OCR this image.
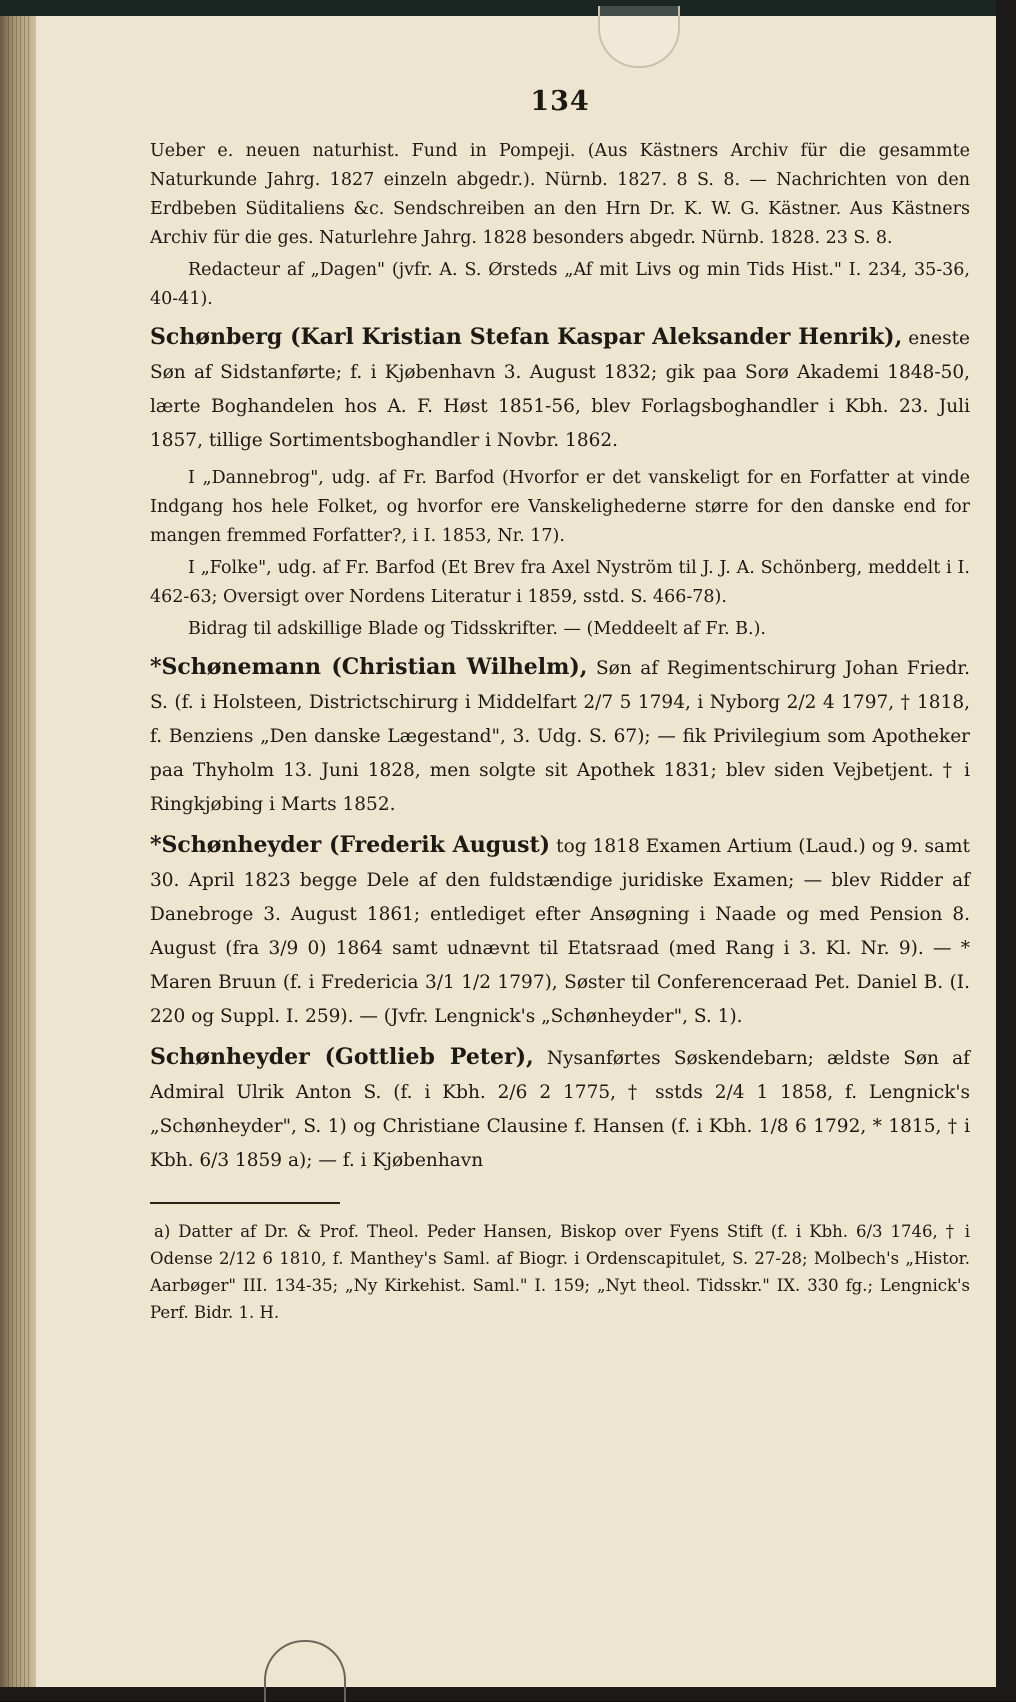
134

Ueber e. neuen naturhist. Fund in Pompeji. (Aus Kästners Archiv für die gesammte Naturkunde Jahrg. 1827 einzeln abgedr.). Nürnb. 1827. 8 S. 8. — Nachrichten von den Erdbeben Süditaliens &c. Sendschreiben an den Hrn Dr. K. W. G. Kästner. Aus Kästners Archiv für die ges. Naturlehre Jahrg. 1828 besonders abgedr. Nürnb. 1828. 23 S. 8.

Redacteur af „Dagen" (jvfr. A. S. Ørsteds „Af mit Livs og min Tids Hist." I. 234, 35-36, 40-41).

Schønberg (Karl Kristian Stefan Kaspar Aleksander Henrik), eneste Søn af Sidstanførte; f. i Kjøbenhavn 3. August 1832; gik paa Sorø Akademi 1848-50, lærte Boghandelen hos A. F. Høst 1851-56, blev Forlagsboghandler i Kbh. 23. Juli 1857, tillige Sortimentsboghandler i Novbr. 1862.

I „Dannebrog", udg. af Fr. Barfod (Hvorfor er det vanskeligt for en Forfatter at vinde Indgang hos hele Folket, og hvorfor ere Vanskelighederne større for den danske end for mangen fremmed Forfatter?, i I. 1853, Nr. 17).

I „Folke", udg. af Fr. Barfod (Et Brev fra Axel Nyström til J. J. A. Schönberg, meddelt i I. 462-63; Oversigt over Nordens Literatur i 1859, sstd. S. 466-78).

Bidrag til adskillige Blade og Tidsskrifter. — (Meddeelt af Fr. B.).

*Schønemann (Christian Wilhelm), Søn af Regimentschirurg Johan Friedr. S. (f. i Holsteen, Districtschirurg i Middelfart 2/7 5 1794, i Nyborg 2/2 4 1797, † 1818, f. Benziens „Den danske Lægestand", 3. Udg. S. 67); — fik Privilegium som Apotheker paa Thyholm 13. Juni 1828, men solgte sit Apothek 1831; blev siden Vejbetjent. † i Ringkjøbing i Marts 1852.

*Schønheyder (Frederik August) tog 1818 Examen Artium (Laud.) og 9. samt 30. April 1823 begge Dele af den fuldstændige juridiske Examen; — blev Ridder af Danebroge 3. August 1861; entlediget efter Ansøgning i Naade og med Pension 8. August (fra 3/9 0) 1864 samt udnævnt til Etatsraad (med Rang i 3. Kl. Nr. 9). — * Maren Bruun (f. i Fredericia 3/1 1/2 1797), Søster til Conferenceraad Pet. Daniel B. (I. 220 og Suppl. I. 259). — (Jvfr. Lengnick's „Schønheyder", S. 1).

Schønheyder (Gottlieb Peter), Nysanførtes Søskendebarn; ældste Søn af Admiral Ulrik Anton S. (f. i Kbh. 2/6 2 1775, † sstds 2/4 1 1858, f. Lengnick's „Schønheyder", S. 1) og Christiane Clausine f. Hansen (f. i Kbh. 1/8 6 1792, * 1815, † i Kbh. 6/3 1859 a); — f. i Kjøbenhavn

a) Datter af Dr. & Prof. Theol. Peder Hansen, Biskop over Fyens Stift (f. i Kbh. 6/3 1746, † i Odense 2/12 6 1810, f. Manthey's Saml. af Biogr. i Ordenscapitulet, S. 27-28; Molbech's „Histor. Aarbøger" III. 134-35; „Ny Kirkehist. Saml." I. 159; „Nyt theol. Tidsskr." IX. 330 fg.; Lengnick's Perf. Bidr. 1. H.
